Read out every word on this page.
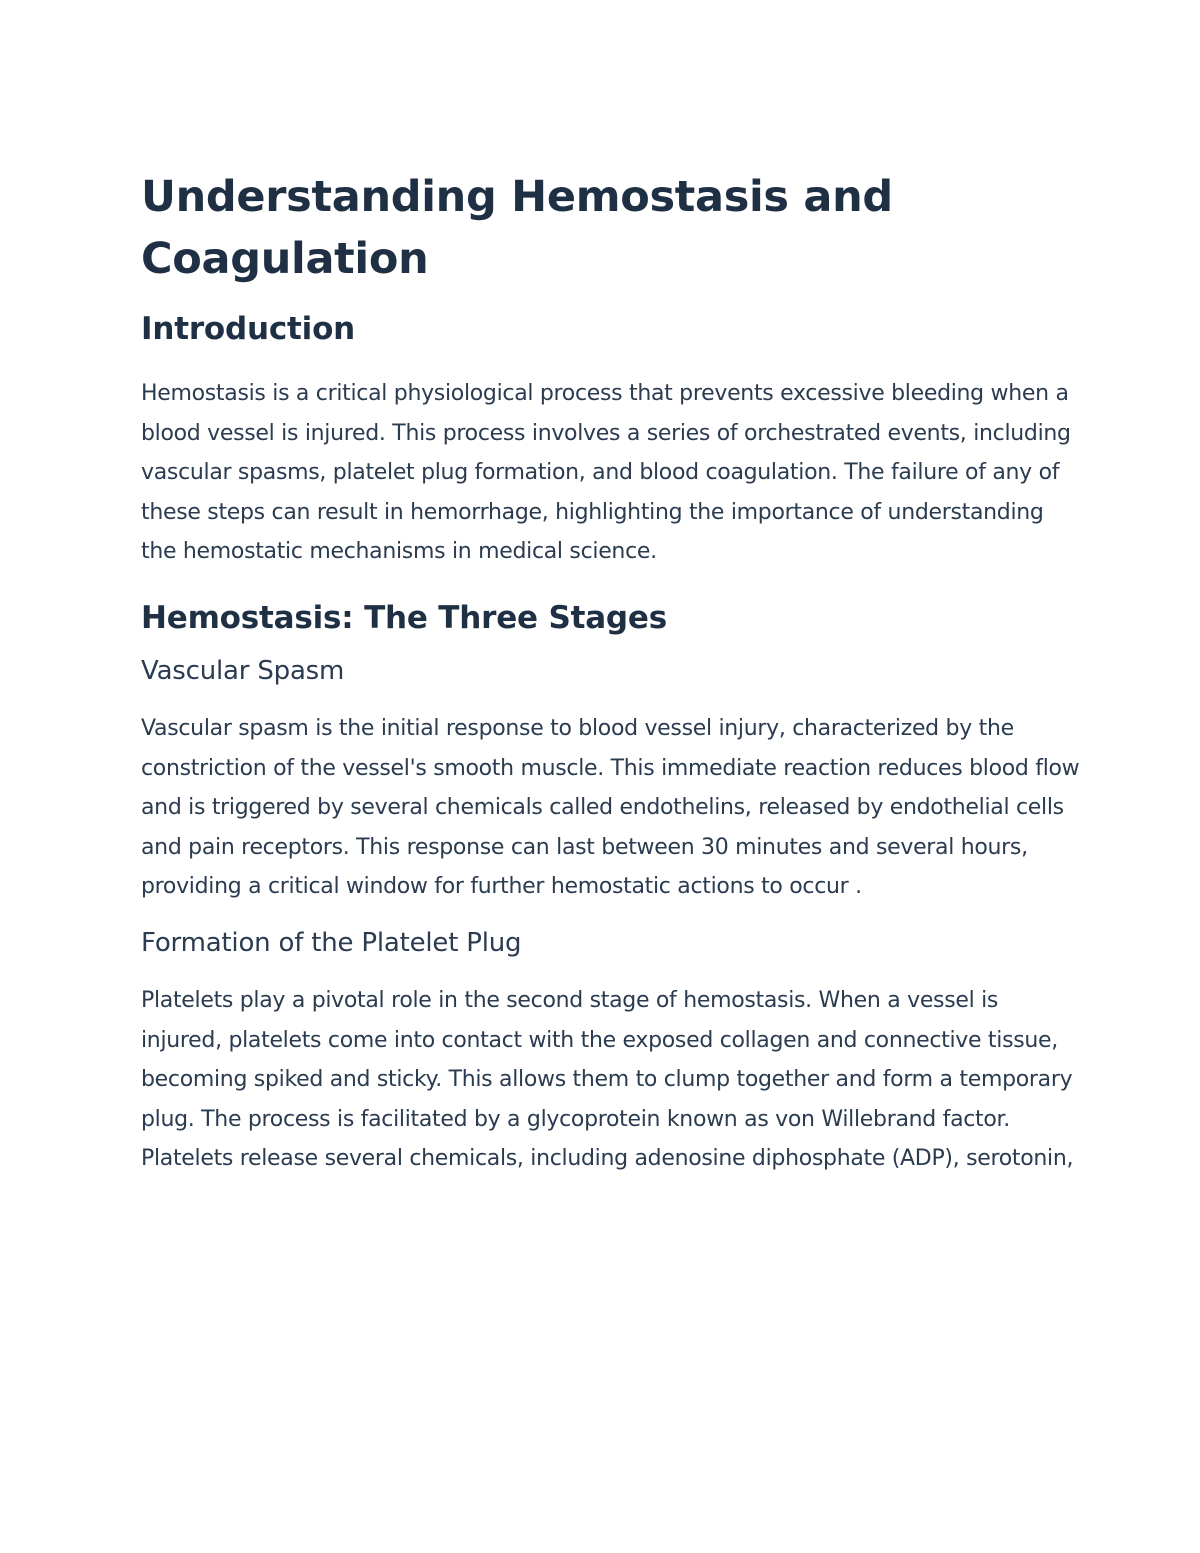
Understanding Hemostasis and Coagulation
Introduction

Hemostasis is a critical physiological process that prevents excessive bleeding when a blood vessel is injured. This process involves a series of orchestrated events, including vascular spasms, platelet plug formation, and blood coagulation. The failure of any of these steps can result in hemorrhage, highlighting the importance of understanding the hemostatic mechanisms in medical science.

Hemostasis: The Three Stages
Vascular Spasm

Vascular spasm is the initial response to blood vessel injury, characterized by the constriction of the vessel's smooth muscle. This immediate reaction reduces blood flow and is triggered by several chemicals called endothelins, released by endothelial cells and pain receptors. This response can last between 30 minutes and several hours, providing a critical window for further hemostatic actions to occur .

Formation of the Platelet Plug

Platelets play a pivotal role in the second stage of hemostasis. When a vessel is injured, platelets come into contact with the exposed collagen and connective tissue, becoming spiked and sticky. This allows them to clump together and form a temporary plug. The process is facilitated by a glycoprotein known as von Willebrand factor. Platelets release several chemicals, including adenosine diphosphate (ADP), serotonin,
